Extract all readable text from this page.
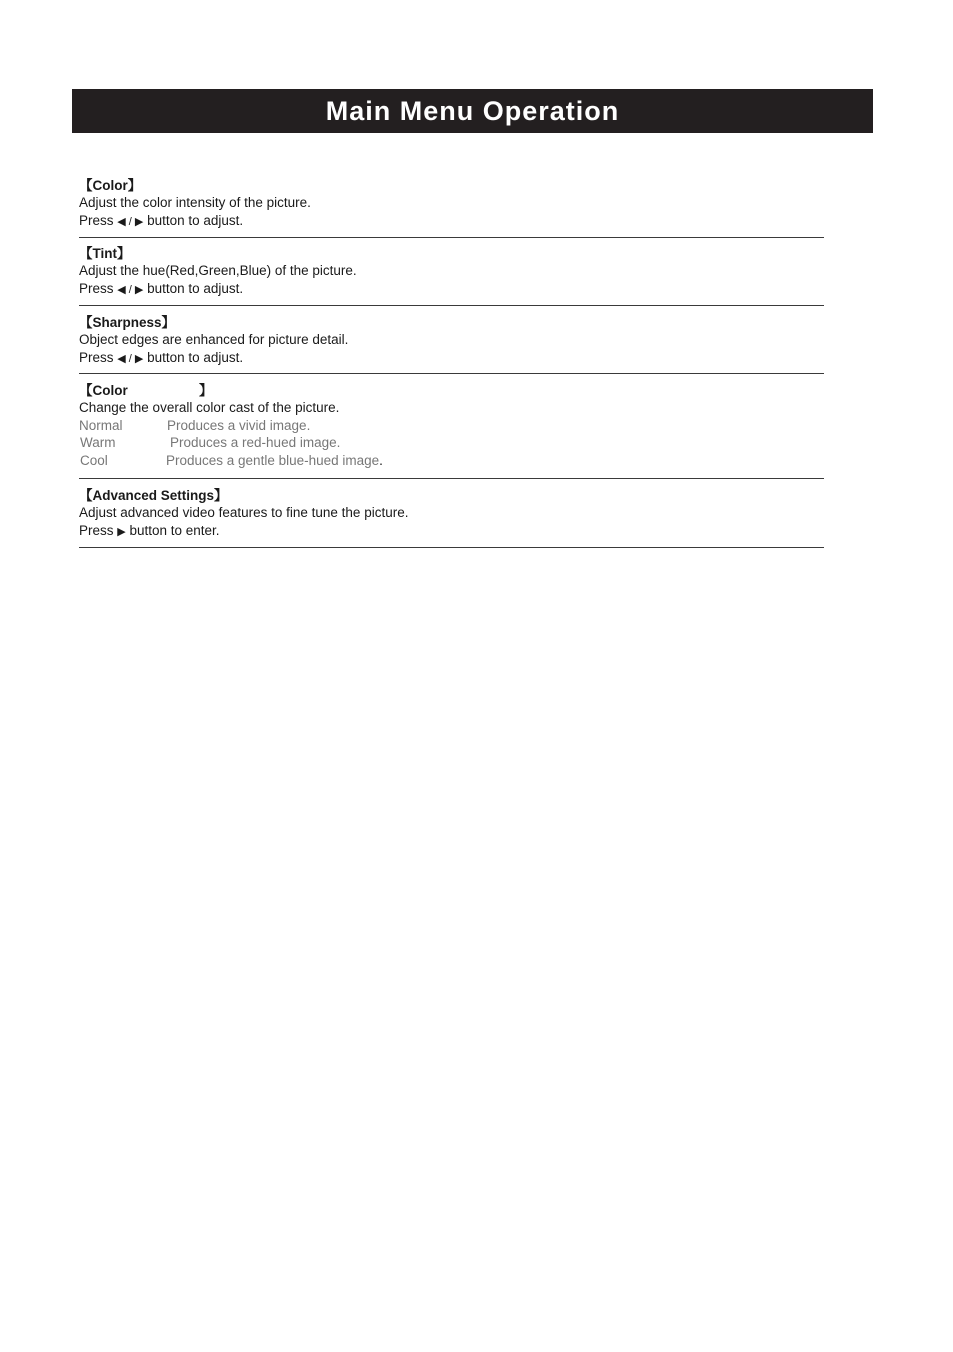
Main Menu Operation
【Color】
Adjust the color intensity of the picture.
Press ◀ / ▶ button to adjust.
【Tint】
Adjust the hue(Red,Green,Blue) of the picture.
Press ◀ / ▶ button to adjust.
【Sharpness】
Object edges are enhanced for picture detail.
Press ◀ / ▶ button to adjust.
【Color                   】
Change the overall color cast of the picture.
Normal	Produces a vivid image.
Warm	Produces a red-hued image.
Cool	Produces a gentle blue-hued image.
【Advanced Settings】
Adjust advanced video features to fine tune the picture.
Press ▶ button to enter.
